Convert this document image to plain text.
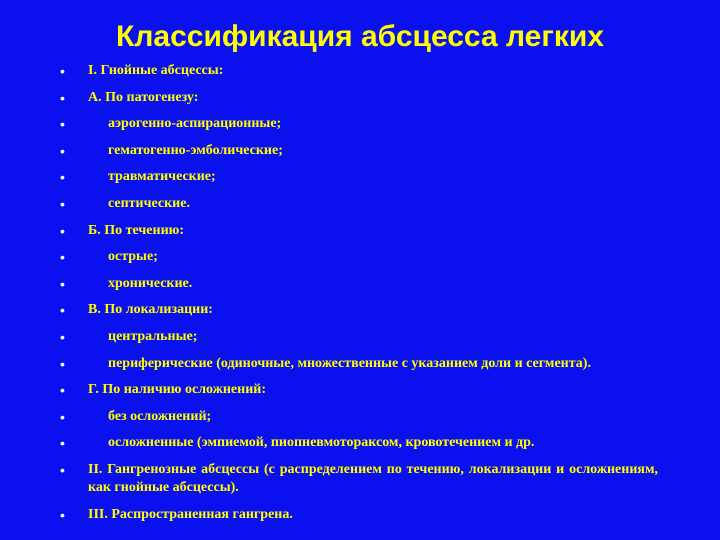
Классификация абсцесса легких
• I. Гнойные абсцессы:
• А. По патогенезу:
•	аэрогенно-аспирационные;
•	гематогенно-эмболические;
•	травматические;
•	септические.
• Б. По течению:
•	острые;
•	хронические.
• В. По локализации:
•	центральные;
•	периферические (одиночные, множественные с указанием доли и сегмента).
• Г. По наличию осложнений:
•	без осложнений;
•	осложненные (эмпиемой, пиопневмотораксом, кровотечением и др.
• II. Гангренозные абсцессы (с распределением по течению, локализации и осложнениям, как гнойные абсцессы).
• III. Распространенная гангрена.
